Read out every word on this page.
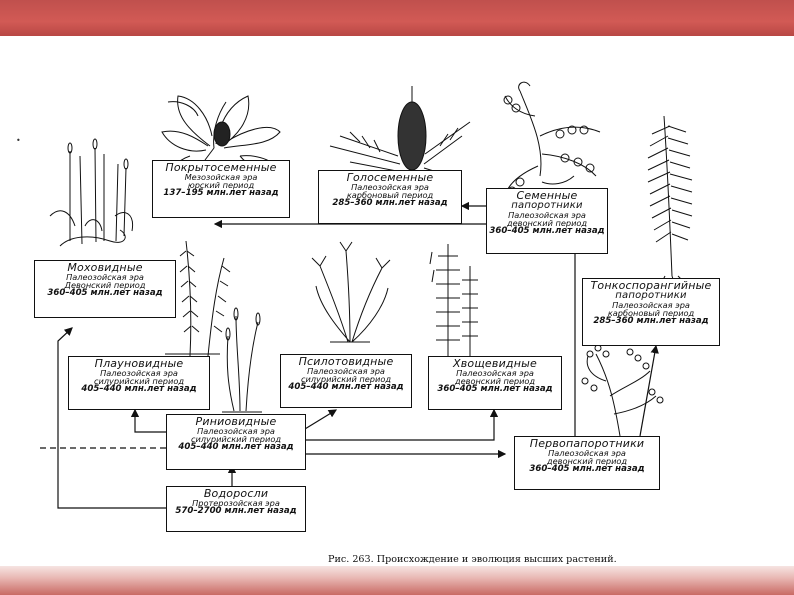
•
Покрытосеменные
Мезозойская эра
юрский период
137–195 млн.лет назад
Голосеменные
Палеозойская эра
карбоновый период
285–360 млн.лет назад
Семенные
папоротники
Палеозойская эра
девонский период
360–405 млн.лет назад
Моховидные
Палеозойская эра
Девонский период
360–405 млн.лет назад
Тонкоспорангийные
папоротники
Палеозойская эра
карбоновый период
285–360 млн.лет назад
Плауновидные
Палеозойская эра
силурийский период
405–440 млн.лет назад
Псилотовидные
Палеозойская эра
силурийский период
405–440 млн.лет назад
Хвощевидные
Палеозойская эра
девонский период
360–405 млн.лет назад
Риниовидные
Палеозойская эра
силурийский период
405–440 млн.лет назад	Первопапоротники
Палеозойская эра
девонский период
360–405 млн.лет назад
Водоросли
Протерозойская эра
570–2700 млн.лет назад
Рис. 263. Происхождение и эволюция высших растений.
